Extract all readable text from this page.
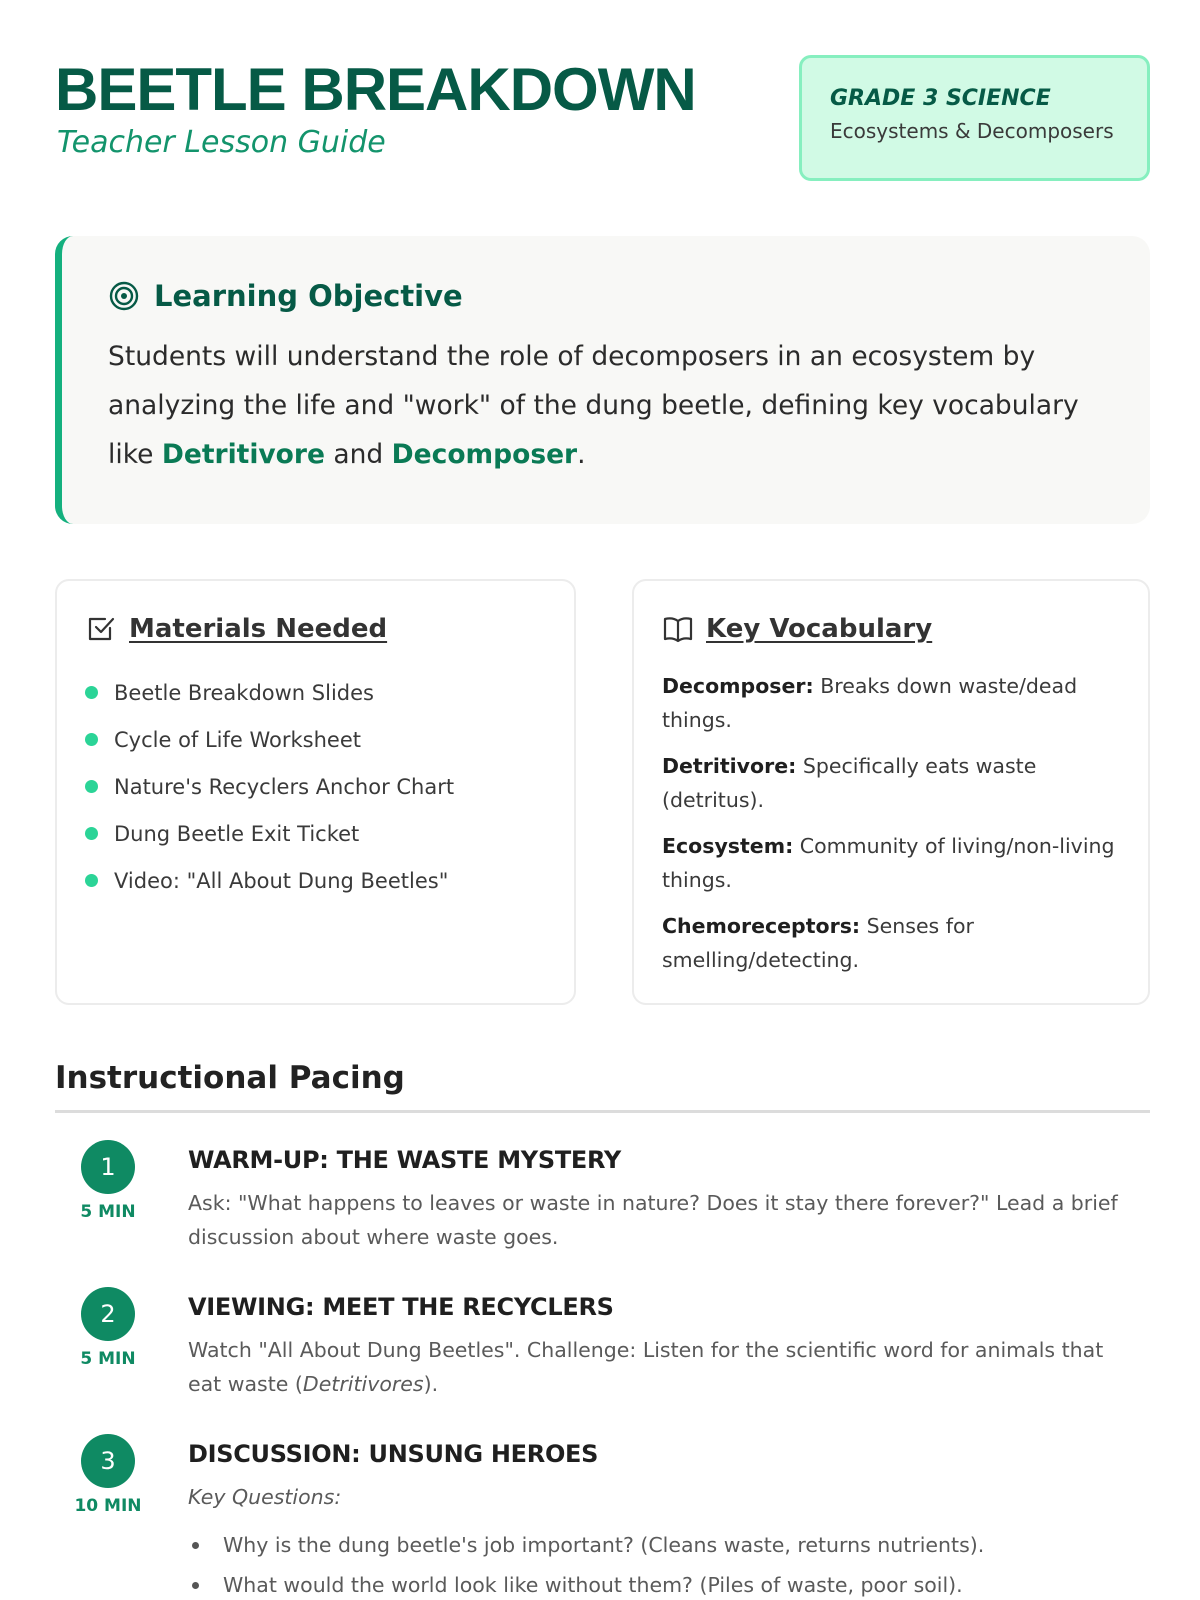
BEETLE BREAKDOWN
Teacher Lesson Guide
GRADE 3 SCIENCE
Ecosystems & Decomposers
Learning Objective

Students will understand the role of decomposers in an ecosystem by analyzing the life and "work" of the dung beetle, defining key vocabulary like Detritivore and Decomposer.

Materials Needed
Beetle Breakdown Slides
Cycle of Life Worksheet
Nature's Recyclers Anchor Chart
Dung Beetle Exit Ticket
Video: "All About Dung Beetles"
Key Vocabulary
Decomposer: Breaks down waste/dead things.
Detritivore: Specifically eats waste (detritus).
Ecosystem: Community of living/non-living things.
Chemoreceptors: Senses for smelling/detecting.
Instructional Pacing
1
5 MIN
WARM-UP: THE WASTE MYSTERY

Ask: "What happens to leaves or waste in nature? Does it stay there forever?" Lead a brief discussion about where waste goes.

2
5 MIN
VIEWING: MEET THE RECYCLERS

Watch "All About Dung Beetles". Challenge: Listen for the scientific word for animals that eat waste (Detritivores).

3
10 MIN
DISCUSSION: UNSUNG HEROES
Key Questions:
Why is the dung beetle's job important? (Cleans waste, returns nutrients).
What would the world look like without them? (Piles of waste, poor soil).
